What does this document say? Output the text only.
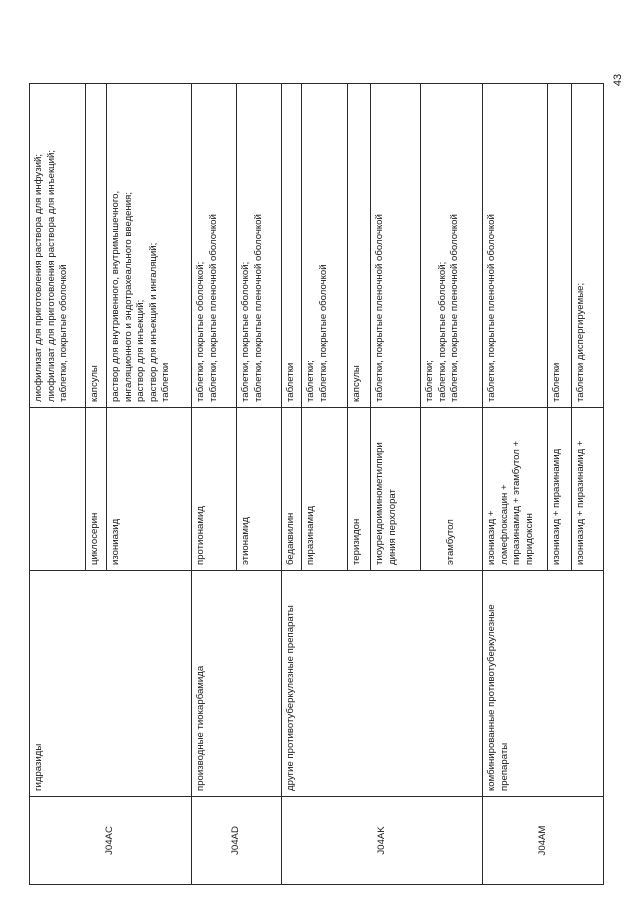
43
J04AC	гидразиды		лиофилизат для приготовления раствора для инфузий; лиофилизат для приготовления раствора для инъекций; таблетки, покрытые оболочкой

		циклосерин	капсулы

		изониазид	раствор для внутривенного, внутримышечного, ингаляционного и эндотрахеального введения; раствор для инъекций; раствор для инъекций и ингаляций; таблетки

J04AD	производные тиокарбамида	протионамид	таблетки, покрытые оболочкой; таблетки, покрытые пленочной оболочкой

		этионамид	таблетки, покрытые оболочкой; таблетки, покрытые пленочной оболочкой

J04AK	другие противотуберкулезные препараты	бедаквилин	таблетки

		пиразинамид	таблетки; таблетки, покрытые оболочкой

		теризидон	капсулы

		тиоуреидоиминометилпири диния перхлорат	таблетки, покрытые пленочной оболочкой

		этамбутол	таблетки; таблетки, покрытые оболочкой; таблетки, покрытые пленочной оболочкой

J04AM	комбинированные противотуберкулезные препараты	изониазид + ломефлоксацин + пиразинамид + этамбутол + пиридоксин	таблетки, покрытые пленочной оболочкой

		изониазид + пиразинамид	таблетки

		изониазид + пиразинамид +	таблетки диспергируемые;
